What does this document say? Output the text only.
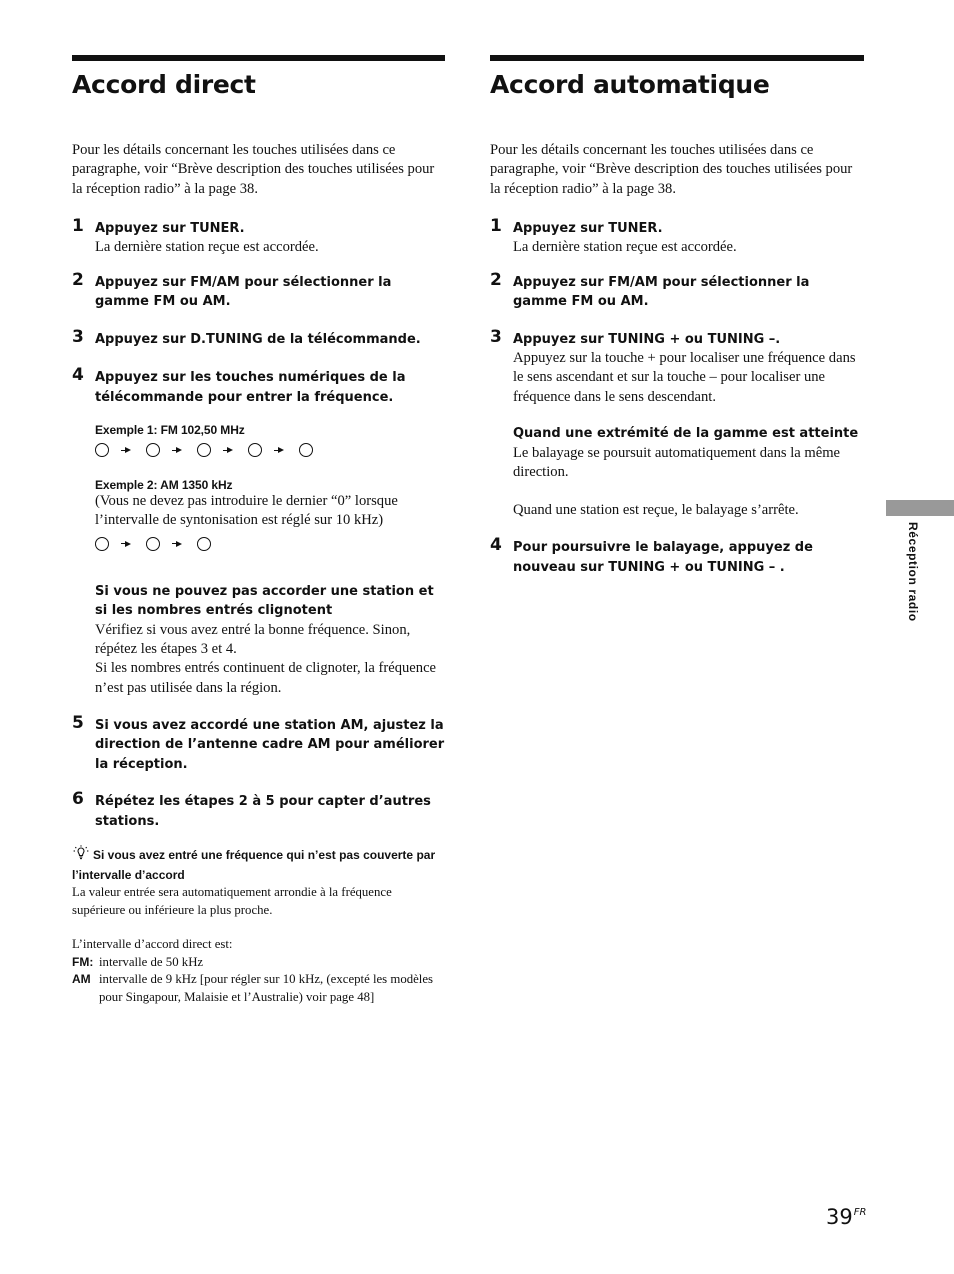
Accord direct

Pour les détails concernant les touches utilisées dans ce paragraphe, voir “Brève description des touches utilisées pour la réception radio” à la page 38.

1 Appuyez sur TUNER.
La dernière station reçue est accordée.
2 Appuyez sur FM/AM pour sélectionner la gamme FM ou AM.
3 Appuyez sur D.TUNING de la télécommande.
4 Appuyez sur les touches numériques de la télécommande pour entrer la fréquence.
Exemple 1: FM 102,50 MHz
Exemple 2: AM 1350 kHz
(Vous ne devez pas introduire le dernier “0” lorsque l’intervalle de syntonisation est réglé sur 10 kHz)
Si vous ne pouvez pas accorder une station et si les nombres entrés clignotent
Vérifiez si vous avez entré la bonne fréquence. Sinon, répétez les étapes 3 et 4.
Si les nombres entrés continuent de clignoter, la fréquence n’est pas utilisée dans la région.
5 Si vous avez accordé une station AM, ajustez la direction de l’antenne cadre AM pour améliorer la réception.
6 Répétez les étapes 2 à 5 pour capter d’autres stations.
Si vous avez entré une fréquence qui n’est pas couverte par l’intervalle d’accord
La valeur entrée sera automatiquement arrondie à la fréquence supérieure ou inférieure la plus proche.
L’intervalle d’accord direct est:
FM: intervalle de 50 kHz
AM intervalle de 9 kHz [pour régler sur 10 kHz, (excepté les modèles pour Singapour, Malaisie et l’Australie) voir page 48]
Accord automatique

Pour les détails concernant les touches utilisées dans ce paragraphe, voir “Brève description des touches utilisées pour la réception radio” à la page 38.

1 Appuyez sur TUNER.
La dernière station reçue est accordée.
2 Appuyez sur FM/AM pour sélectionner la gamme FM ou AM.
3 Appuyez sur TUNING + ou TUNING –.
Appuyez sur la touche + pour localiser une fréquence dans le sens ascendant et sur la touche – pour localiser une fréquence dans le sens descendant.
Quand une extrémité de la gamme est atteinte
Le balayage se poursuit automatiquement dans la même direction.
Quand une station est reçue, le balayage s’arrête.
4 Pour poursuivre le balayage, appuyez de nouveau sur TUNING + ou TUNING – .	Réception radio
$39^{FR}$
